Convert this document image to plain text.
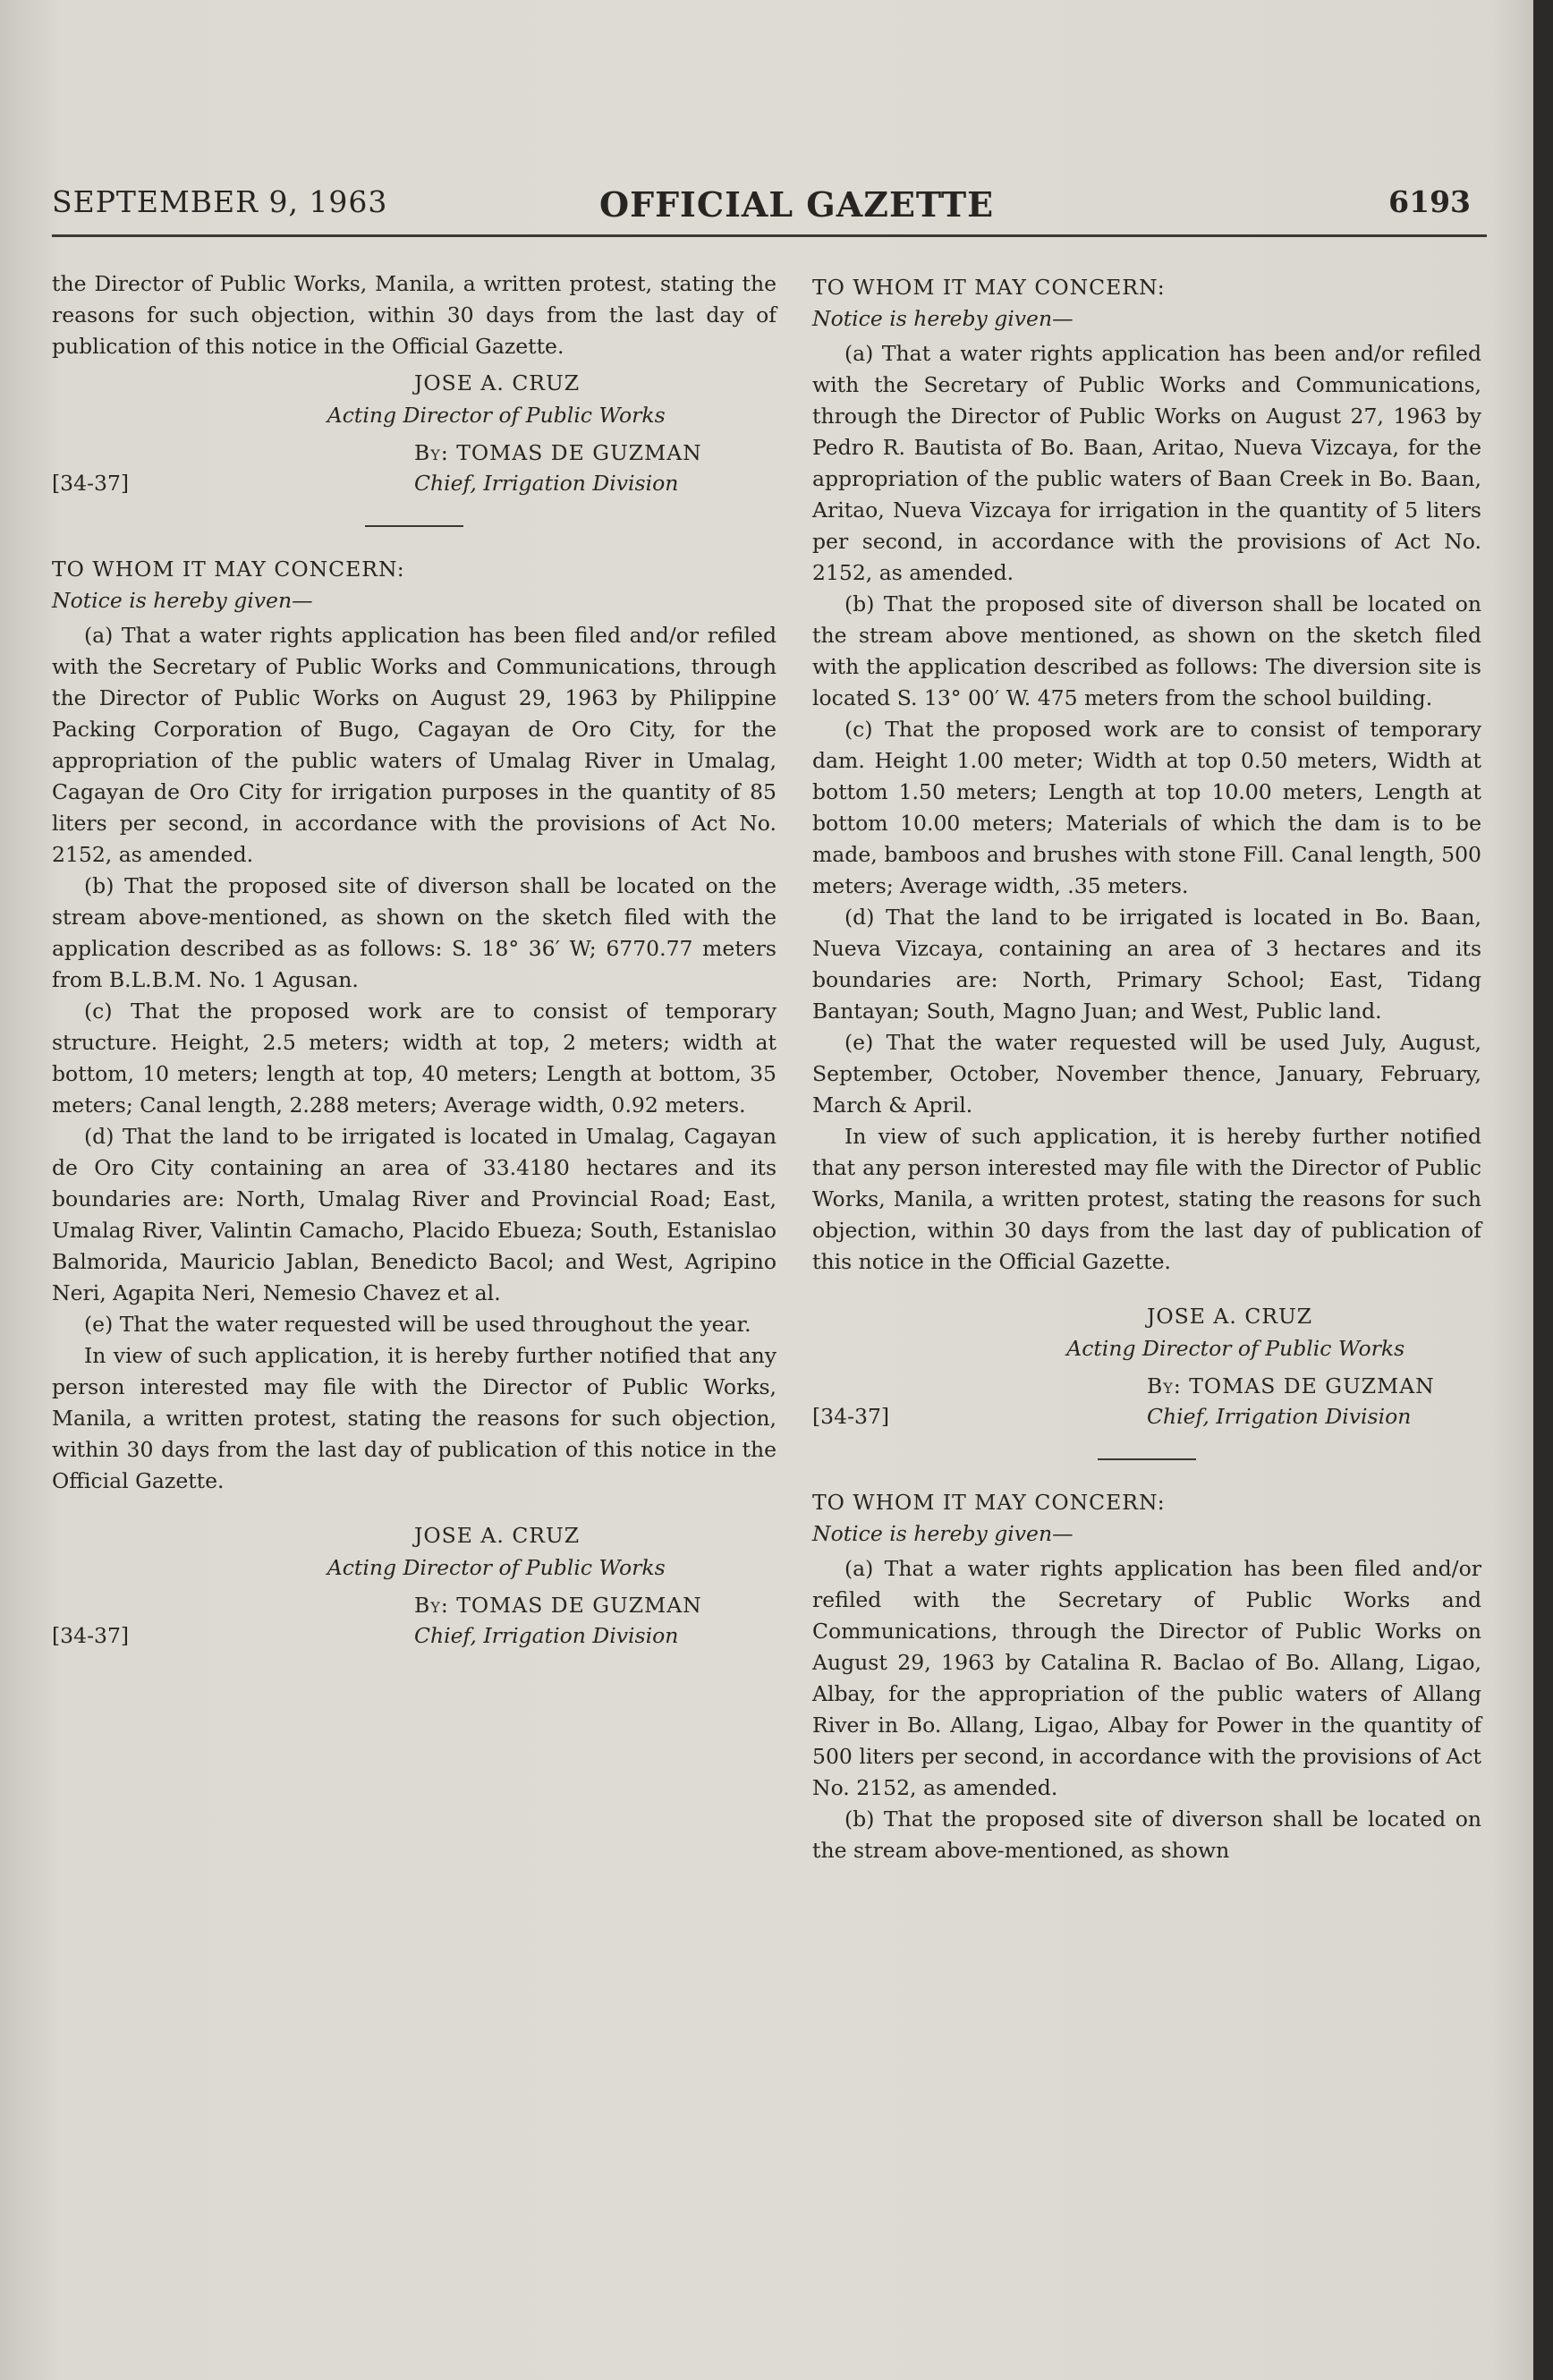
SEPTEMBER 9, 1963	OFFICIAL GAZETTE	6193

the Director of Public Works, Manila, a written protest, stating the reasons for such objection, within 30 days from the last day of publication of this notice in the Official Gazette.

JOSE A. CRUZ
Acting Director of Public Works
By: TOMAS DE GUZMAN
[34-37]	Chief, Irrigation Division

TO WHOM IT MAY CONCERN:

Notice is hereby given—

(a) That a water rights application has been filed and/or refiled with the Secretary of Public Works and Communications, through the Director of Public Works on August 29, 1963 by Philippine Packing Corporation of Bugo, Cagayan de Oro City, for the appropriation of the public waters of Umalag River in Umalag, Cagayan de Oro City for irrigation purposes in the quantity of 85 liters per second, in accordance with the provisions of Act No. 2152, as amended.

(b) That the proposed site of diverson shall be located on the stream above-mentioned, as shown on the sketch filed with the application described as as follows: S. 18° 36′ W; 6770.77 meters from B.L.B.M. No. 1 Agusan.

(c) That the proposed work are to consist of temporary structure. Height, 2.5 meters; width at top, 2 meters; width at bottom, 10 meters; length at top, 40 meters; Length at bottom, 35 meters; Canal length, 2.288 meters; Average width, 0.92 meters.

(d) That the land to be irrigated is located in Umalag, Cagayan de Oro City containing an area of 33.4180 hectares and its boundaries are: North, Umalag River and Provincial Road; East, Umalag River, Valintin Camacho, Placido Ebueza; South, Estanislao Balmorida, Mauricio Jablan, Benedicto Bacol; and West, Agripino Neri, Agapita Neri, Nemesio Chavez et al.

(e) That the water requested will be used throughout the year.

In view of such application, it is hereby further notified that any person interested may file with the Director of Public Works, Manila, a written protest, stating the reasons for such objection, within 30 days from the last day of publication of this notice in the Official Gazette.

JOSE A. CRUZ
Acting Director of Public Works
By: TOMAS DE GUZMAN
[34-37]	Chief, Irrigation Division

TO WHOM IT MAY CONCERN:

Notice is hereby given—

(a) That a water rights application has been and/or refiled with the Secretary of Public Works and Communications, through the Director of Public Works on August 27, 1963 by Pedro R. Bautista of Bo. Baan, Aritao, Nueva Vizcaya, for the appropriation of the public waters of Baan Creek in Bo. Baan, Aritao, Nueva Vizcaya for irrigation in the quantity of 5 liters per second, in accordance with the provisions of Act No. 2152, as amended.

(b) That the proposed site of diverson shall be located on the stream above mentioned, as shown on the sketch filed with the application described as follows: The diversion site is located S. 13° 00′ W. 475 meters from the school building.

(c) That the proposed work are to consist of temporary dam. Height 1.00 meter; Width at top 0.50 meters, Width at bottom 1.50 meters; Length at top 10.00 meters, Length at bottom 10.00 meters; Materials of which the dam is to be made, bamboos and brushes with stone Fill. Canal length, 500 meters; Average width, .35 meters.

(d) That the land to be irrigated is located in Bo. Baan, Nueva Vizcaya, containing an area of 3 hectares and its boundaries are: North, Primary School; East, Tidang Bantayan; South, Magno Juan; and West, Public land.

(e) That the water requested will be used July, August, September, October, November thence, January, February, March & April.

In view of such application, it is hereby further notified that any person interested may file with the Director of Public Works, Manila, a written protest, stating the reasons for such objection, within 30 days from the last day of publication of this notice in the Official Gazette.

JOSE A. CRUZ
Acting Director of Public Works
By: TOMAS DE GUZMAN
[34-37]	Chief, Irrigation Division

TO WHOM IT MAY CONCERN:

Notice is hereby given—

(a) That a water rights application has been filed and/or refiled with the Secretary of Public Works and Communications, through the Director of Public Works on August 29, 1963 by Catalina R. Baclao of Bo. Allang, Ligao, Albay, for the appropriation of the public waters of Allang River in Bo. Allang, Ligao, Albay for Power in the quantity of 500 liters per second, in accordance with the provisions of Act No. 2152, as amended.

(b) That the proposed site of diverson shall be located on the stream above-mentioned, as shown
